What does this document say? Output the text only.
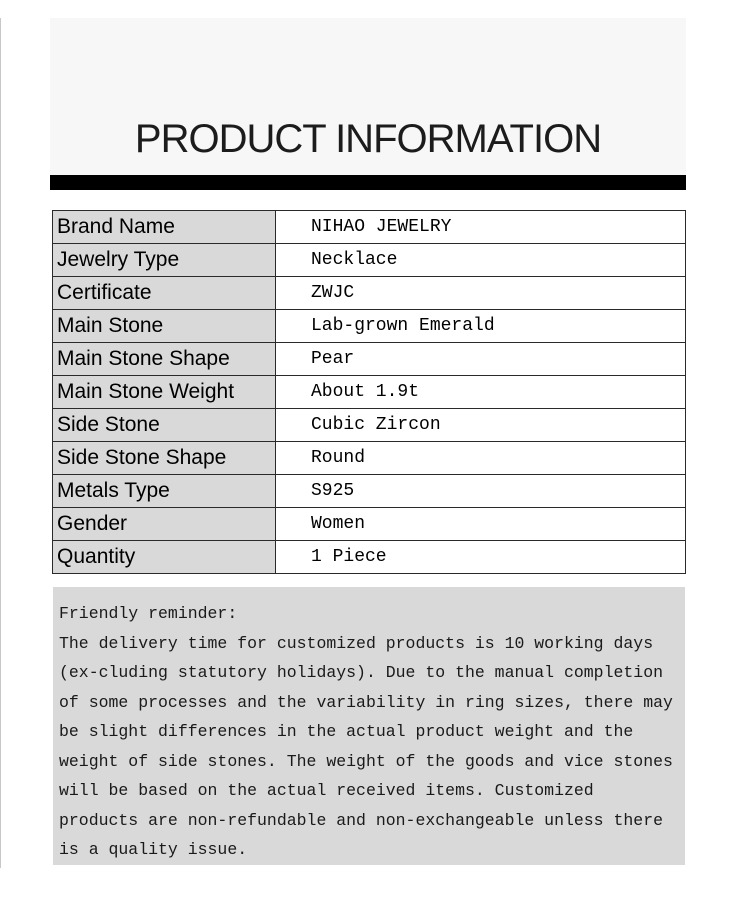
PRODUCT INFORMATION
Brand Name	NIHAO JEWELRY
Jewelry Type	Necklace
Certificate	ZWJC
Main Stone	Lab-grown Emerald
Main Stone Shape	Pear
Main Stone Weight	About 1.9t
Side Stone	Cubic Zircon
Side Stone Shape	Round
Metals Type	S925
Gender	Women
Quantity	1 Piece

Friendly reminder:

The delivery time for customized products is 10 working days (ex-cluding statutory holidays). Due to the manual completion of some processes and the variability in ring sizes, there may be slight differences in the actual product weight and the weight of side stones. The weight of the goods and vice stones will be based on the actual received items. Customized products are non-refundable and non-exchangeable unless there is a quality issue.
